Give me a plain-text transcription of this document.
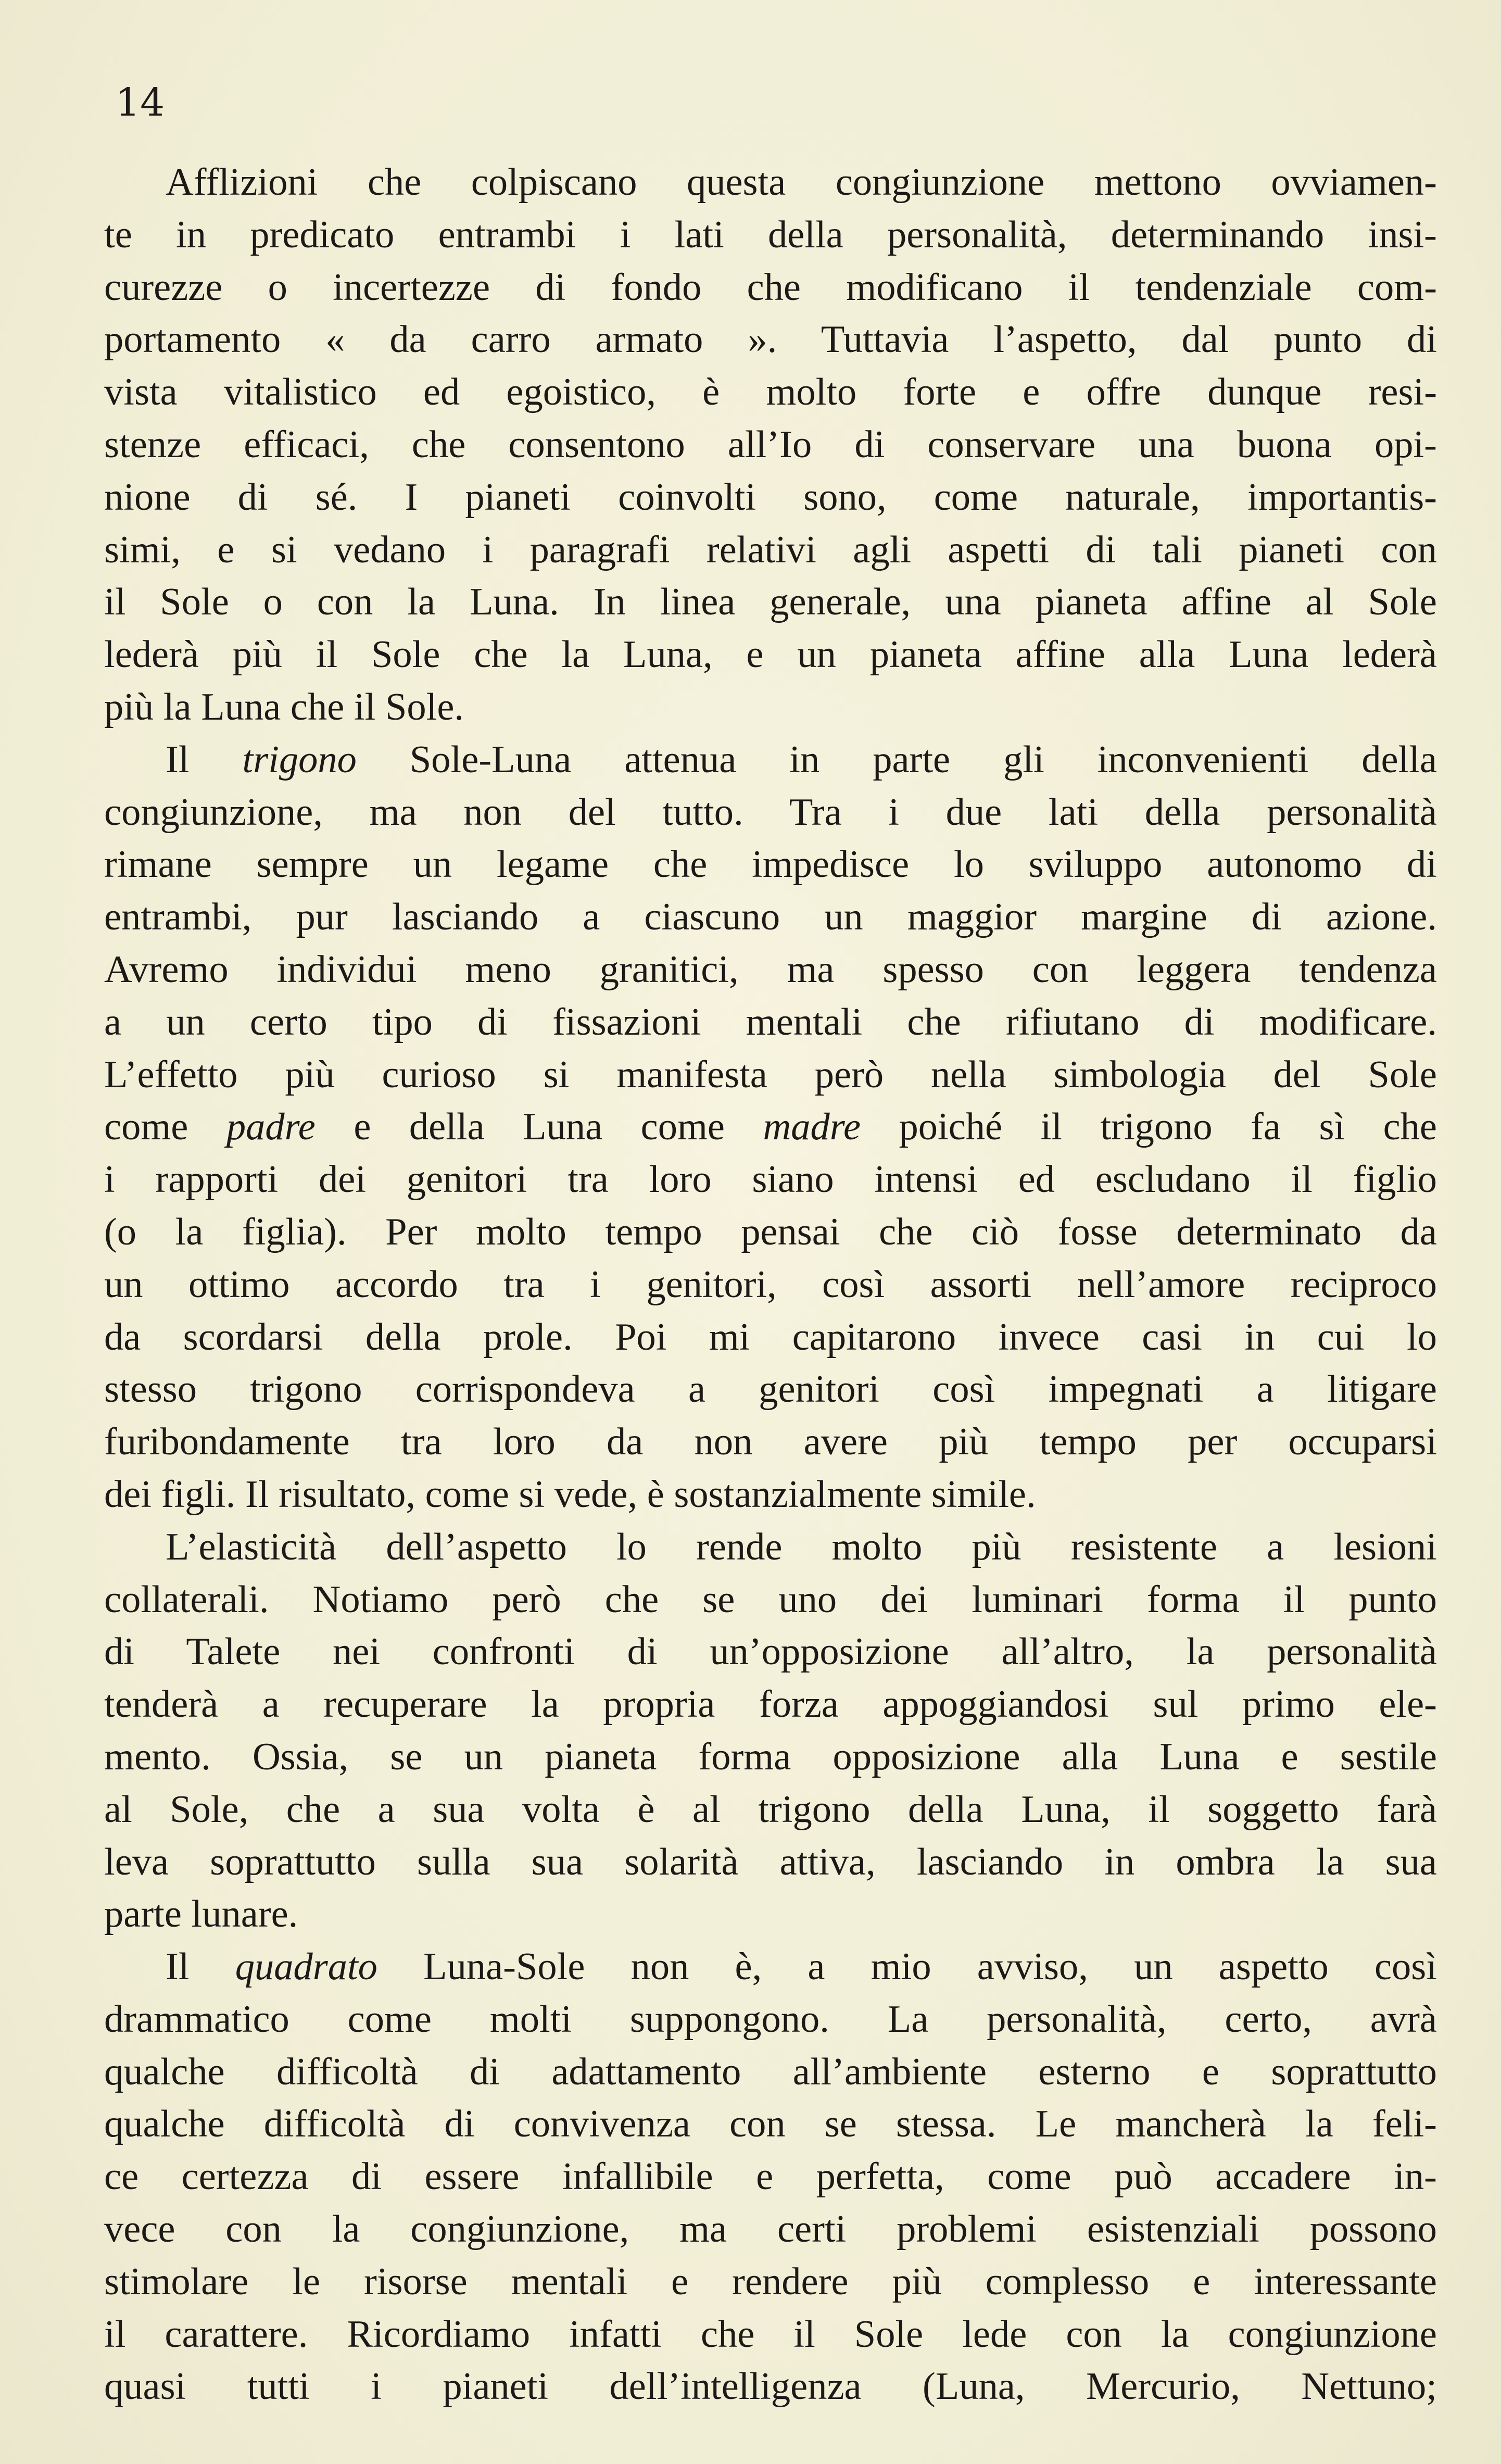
14
Afflizioni che colpiscano questa congiunzione mettono ovviamen-
te in predicato entrambi i lati della personalità, determinando insi-
curezze o incertezze di fondo che modificano il tendenziale com-
portamento « da carro armato ». Tuttavia l’aspetto, dal punto di
vista vitalistico ed egoistico, è molto forte e offre dunque resi-
stenze efficaci, che consentono all’Io di conservare una buona opi-
nione di sé. I pianeti coinvolti sono, come naturale, importantis-
simi, e si vedano i paragrafi relativi agli aspetti di tali pianeti con
il Sole o con la Luna. In linea generale, una pianeta affine al Sole
lederà più il Sole che la Luna, e un pianeta affine alla Luna lederà
più la Luna che il Sole.
Il trigono Sole-Luna attenua in parte gli inconvenienti della
congiunzione, ma non del tutto. Tra i due lati della personalità
rimane sempre un legame che impedisce lo sviluppo autonomo di
entrambi, pur lasciando a ciascuno un maggior margine di azione.
Avremo individui meno granitici, ma spesso con leggera tendenza
a un certo tipo di fissazioni mentali che rifiutano di modificare.
L’effetto più curioso si manifesta però nella simbologia del Sole
come padre e della Luna come madre poiché il trigono fa sì che
i rapporti dei genitori tra loro siano intensi ed escludano il figlio
(o la figlia). Per molto tempo pensai che ciò fosse determinato da
un ottimo accordo tra i genitori, così assorti nell’amore reciproco
da scordarsi della prole. Poi mi capitarono invece casi in cui lo
stesso trigono corrispondeva a genitori così impegnati a litigare
furibondamente tra loro da non avere più tempo per occuparsi
dei figli. Il risultato, come si vede, è sostanzialmente simile.
L’elasticità dell’aspetto lo rende molto più resistente a lesioni
collaterali. Notiamo però che se uno dei luminari forma il punto
di Talete nei confronti di un’opposizione all’altro, la personalità
tenderà a recuperare la propria forza appoggiandosi sul primo ele-
mento. Ossia, se un pianeta forma opposizione alla Luna e sestile
al Sole, che a sua volta è al trigono della Luna, il soggetto farà
leva soprattutto sulla sua solarità attiva, lasciando in ombra la sua
parte lunare.
Il quadrato Luna-Sole non è, a mio avviso, un aspetto così
drammatico come molti suppongono. La personalità, certo, avrà
qualche difficoltà di adattamento all’ambiente esterno e soprattutto
qualche difficoltà di convivenza con se stessa. Le mancherà la feli-
ce certezza di essere infallibile e perfetta, come può accadere in-
vece con la congiunzione, ma certi problemi esistenziali possono
stimolare le risorse mentali e rendere più complesso e interessante
il carattere. Ricordiamo infatti che il Sole lede con la congiunzione
quasi tutti i pianeti dell’intelligenza (Luna, Mercurio, Nettuno;
